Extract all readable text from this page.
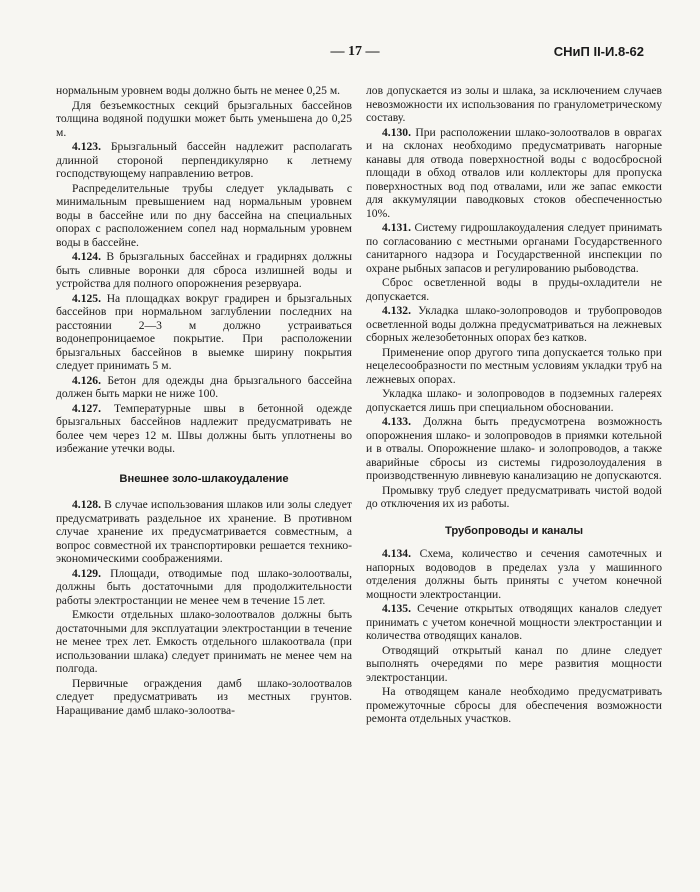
— 17 —	СНиП II-И.8-62

нормальным уровнем воды должно быть не менее 0,25 м.

Для безъемкостных секций брызгальных бассейнов толщина водяной подушки может быть уменьшена до 0,25 м.

4.123. Брызгальный бассейн надлежит располагать длинной стороной перпендикулярно к летнему господствующему направлению ветров.

Распределительные трубы следует укладывать с минимальным превышением над нормальным уровнем воды в бассейне или по дну бассейна на специальных опорах с расположением сопел над нормальным уровнем воды в бассейне.

4.124. В брызгальных бассейнах и градирнях должны быть сливные воронки для сброса излишней воды и устройства для полного опорожнения резервуара.

4.125. На площадках вокруг градирен и брызгальных бассейнов при нормальном заглублении последних на расстоянии 2—3 м должно устраиваться водонепроницаемое покрытие. При расположении брызгальных бассейнов в выемке ширину покрытия следует принимать 5 м.

4.126. Бетон для одежды дна брызгального бассейна должен быть марки не ниже 100.

4.127. Температурные швы в бетонной одежде брызгальных бассейнов надлежит предусматривать не более чем через 12 м. Швы должны быть уплотнены во избежание утечки воды.

Внешнее золо-шлакоудаление

4.128. В случае использования шлаков или золы следует предусматривать раздельное их хранение. В противном случае хранение их предусматривается совместным, а вопрос совместной их транспортировки решается технико-экономическими соображениями.

4.129. Площади, отводимые под шлако-золоотвалы, должны быть достаточными для продолжительности работы электростанции не менее чем в течение 15 лет.

Емкости отдельных шлако-золоотвалов должны быть достаточными для эксплуатации электростанции в течение не менее трех лет. Емкость отдельного шлакоотвала (при использовании шлака) следует принимать не менее чем на полгода.

Первичные ограждения дамб шлако-золоотвалов следует предусматривать из местных грунтов. Наращивание дамб шлако-золоотва-

лов допускается из золы и шлака, за исключением случаев невозможности их использования по гранулометрическому составу.

4.130. При расположении шлако-золоотвалов в оврагах и на склонах необходимо предусматривать нагорные канавы для отвода поверхностной воды с водосбросной площади в обход отвалов или коллекторы для пропуска поверхностных вод под отвалами, или же запас емкости для аккумуляции паводковых стоков обеспеченностью 10%.

4.131. Систему гидрошлакоудаления следует принимать по согласованию с местными органами Государственного санитарного надзора и Государственной инспекции по охране рыбных запасов и регулированию рыбоводства.

Сброс осветленной воды в пруды-охладители не допускается.

4.132. Укладка шлако-золопроводов и трубопроводов осветленной воды должна предусматриваться на лежневых сборных железобетонных опорах без катков.

Применение опор другого типа допускается только при нецелесообразности по местным условиям укладки труб на лежневых опорах.

Укладка шлако- и золопроводов в подземных галереях допускается лишь при специальном обосновании.

4.133. Должна быть предусмотрена возможность опорожнения шлако- и золопроводов в приямки котельной и в отвалы. Опорожнение шлако- и золопроводов, а также аварийные сбросы из системы гидрозолоудаления в производственную ливневую канализацию не допускаются.

Промывку труб следует предусматривать чистой водой до отключения их из работы.

Трубопроводы и каналы

4.134. Схема, количество и сечения самотечных и напорных водоводов в пределах узла у машинного отделения должны быть приняты с учетом конечной мощности электростанции.

4.135. Сечение открытых отводящих каналов следует принимать с учетом конечной мощности электростанции и количества отводящих каналов.

Отводящий открытый канал по длине следует выполнять очередями по мере развития мощности электростанции.

На отводящем канале необходимо предусматривать промежуточные сбросы для обеспечения возможности ремонта отдельных участков.
